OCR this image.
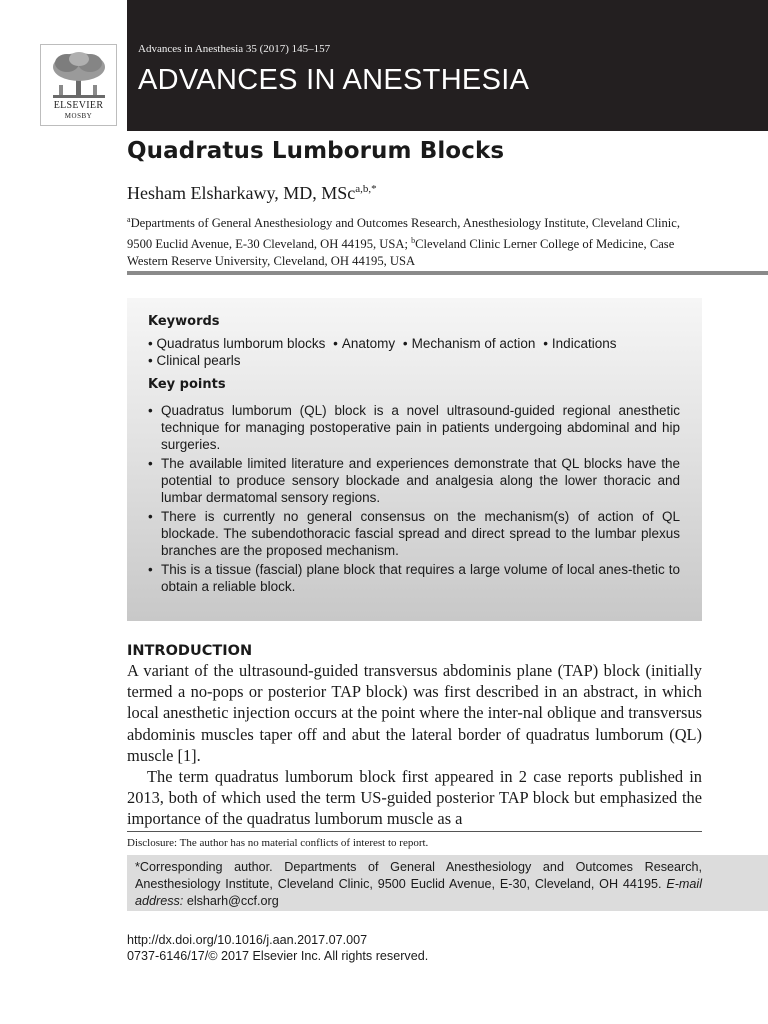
ELSEVIER
MOSBY
Advances in Anesthesia 35 (2017) 145–157
ADVANCES IN ANESTHESIA
Quadratus Lumborum Blocks
Hesham Elsharkawy, MD, MSc$^{a,b,*}$
$^a$Departments of General Anesthesiology and Outcomes Research, Anesthesiology Institute, Cleveland Clinic, 9500 Euclid Avenue, E-30 Cleveland, OH 44195, USA; $^b$Cleveland Clinic Lerner College of Medicine, Case Western Reserve University, Cleveland, OH 44195, USA
Keywords
• Quadratus lumborum blocks • Anatomy • Mechanism of action • Indications
• Clinical pearls
Key points
• Quadratus lumborum (QL) block is a novel ultrasound-guided regional anesthetic technique for managing postoperative pain in patients undergoing abdominal and hip surgeries.
• The available limited literature and experiences demonstrate that QL blocks have the potential to produce sensory blockade and analgesia along the lower thoracic and lumbar dermatomal sensory regions.
• There is currently no general consensus on the mechanism(s) of action of QL blockade. The subendothoracic fascial spread and direct spread to the lumbar plexus branches are the proposed mechanism.
• This is a tissue (fascial) plane block that requires a large volume of local anes-thetic to obtain a reliable block.
INTRODUCTION

A variant of the ultrasound-guided transversus abdominis plane (TAP) block (initially termed a no-pops or posterior TAP block) was first described in an abstract, in which local anesthetic injection occurs at the point where the inter-nal oblique and transversus abdominis muscles taper off and abut the lateral border of quadratus lumborum (QL) muscle [1].

The term quadratus lumborum block first appeared in 2 case reports published in 2013, both of which used the term US-guided posterior TAP block but emphasized the importance of the quadratus lumborum muscle as a

Disclosure: The author has no material conflicts of interest to report.
*Corresponding author. Departments of General Anesthesiology and Outcomes Research, Anesthesiology Institute, Cleveland Clinic, 9500 Euclid Avenue, E-30, Cleveland, OH 44195. E-mail address: elsharh@ccf.org
http://dx.doi.org/10.1016/j.aan.2017.07.007
0737-6146/17/© 2017 Elsevier Inc. All rights reserved.
